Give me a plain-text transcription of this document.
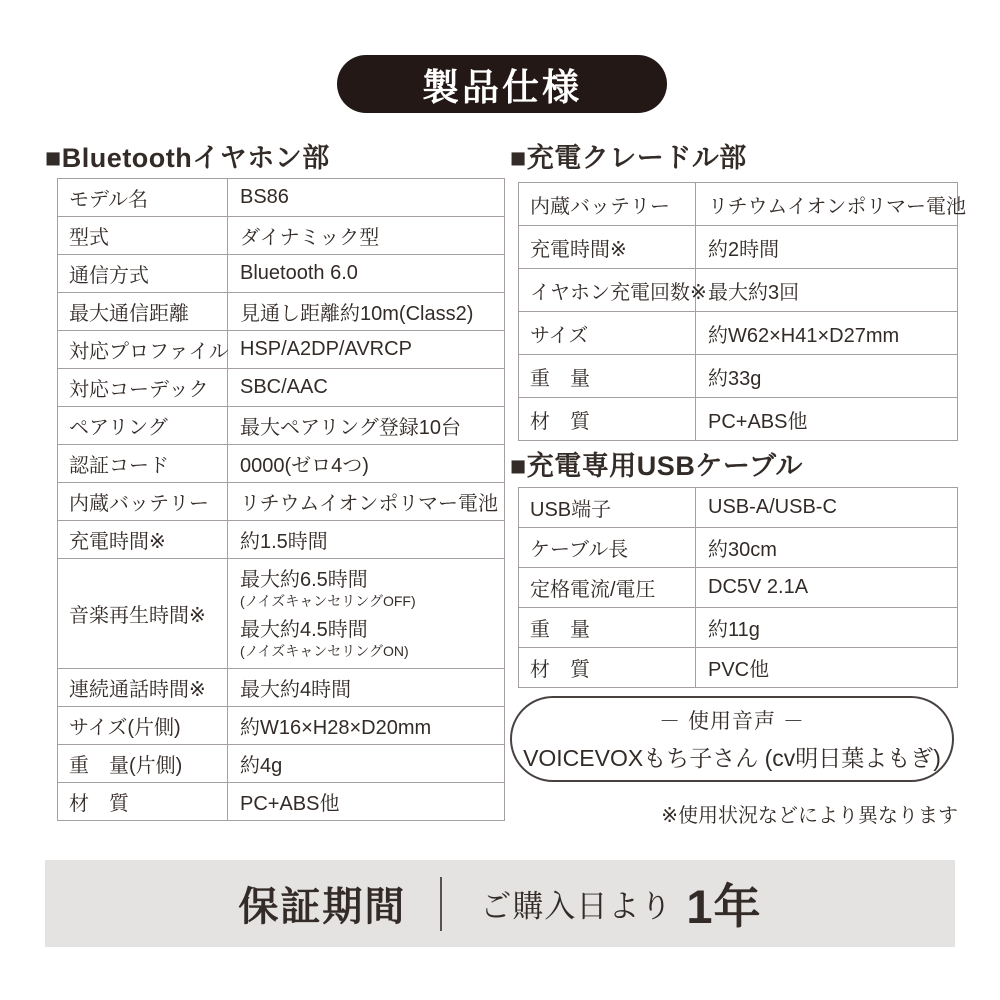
製品仕様
■Bluetoothイヤホン部
モデル名	BS86
型式	ダイナミック型
通信方式	Bluetooth 6.0
最大通信距離	見通し距離約10m(Class2)
対応プロファイル	HSP/A2DP/AVRCP
対応コーデック	SBC/AAC
ペアリング	最大ペアリング登録10台
認証コード	0000(ゼロ4つ)
内蔵バッテリー	リチウムイオンポリマー電池
充電時間※	約1.5時間
音楽再生時間※	最大約6.5時間
(ノイズキャンセリングOFF)
最大約4.5時間
(ノイズキャンセリングON)

連続通話時間※	最大約4時間
サイズ(片側)	約W16×H28×D20mm
重　量(片側)	約4g
材　質	PC+ABS他
■充電クレードル部
内蔵バッテリー	リチウムイオンポリマー電池
充電時間※	約2時間
イヤホン充電回数※	最大約3回
サイズ	約W62×H41×D27mm
重　量	約33g
材　質	PC+ABS他
■充電専用USBケーブル
USB端子	USB-A/USB-C
ケーブル長	約30cm
定格電流/電圧	DC5V 2.1A
重　量	約11g
材　質	PVC他
－ 使用音声 －
VOICEVOXもち子さん (cv明日葉よもぎ)
※使用状況などにより異なります
保証期間 ご購入日より 1年
